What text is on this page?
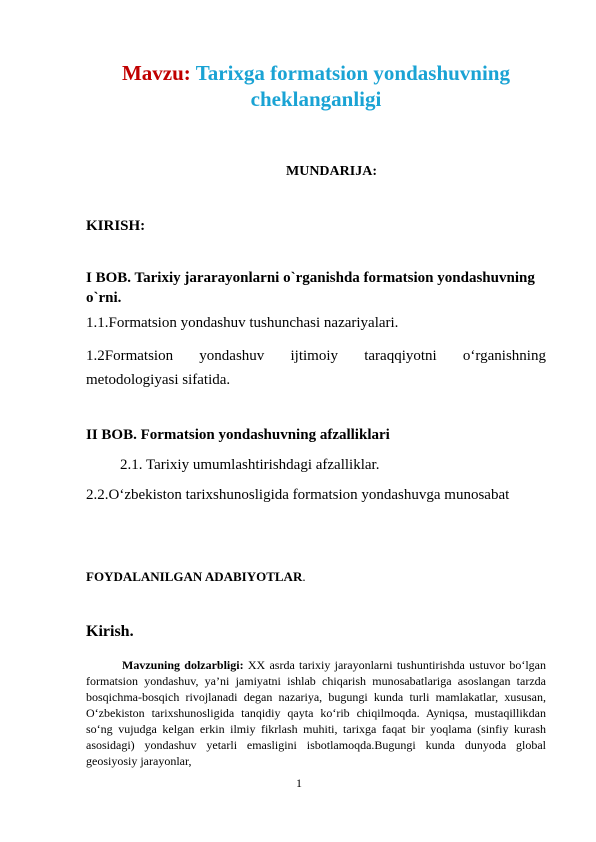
Mavzu: Tarixga formatsion yondashuvning cheklanganligi
MUNDARIJA:
KIRISH:
I BOB. Tarixiy jararayonlarni o`rganishda formatsion yondashuvning o`rni.
1.1.Formatsion yondashuv tushunchasi nazariyalari.
1.2Formatsion yondashuv ijtimoiy taraqqiyotni o‘rganishning
metodologiyasi sifatida.
II BOB. Formatsion yondashuvning afzalliklari
2.1. Tarixiy umumlashtirishdagi afzalliklar.
2.2.O‘zbekiston tarixshunosligida formatsion yondashuvga munosabat
FOYDALANILGAN ADABIYOTLAR.
Kirish.
Mavzuning dolzarbligi: XX asrda tarixiy jarayonlarni tushuntirishda ustuvor bo‘lgan formatsion yondashuv, ya’ni jamiyatni ishlab chiqarish munosabatlariga asoslangan tarzda bosqichma-bosqich rivojlanadi degan nazariya, bugungi kunda turli mamlakatlar, xususan, O‘zbekiston tarixshunosligida tanqidiy qayta ko‘rib chiqilmoqda. Ayniqsa, mustaqillikdan so‘ng vujudga kelgan erkin ilmiy fikrlash muhiti, tarixga faqat bir yoqlama (sinfiy kurash asosidagi) yondashuv yetarli emasligini isbotlamoqda.Bugungi kunda dunyoda global geosiyosiy jarayonlar,
1
